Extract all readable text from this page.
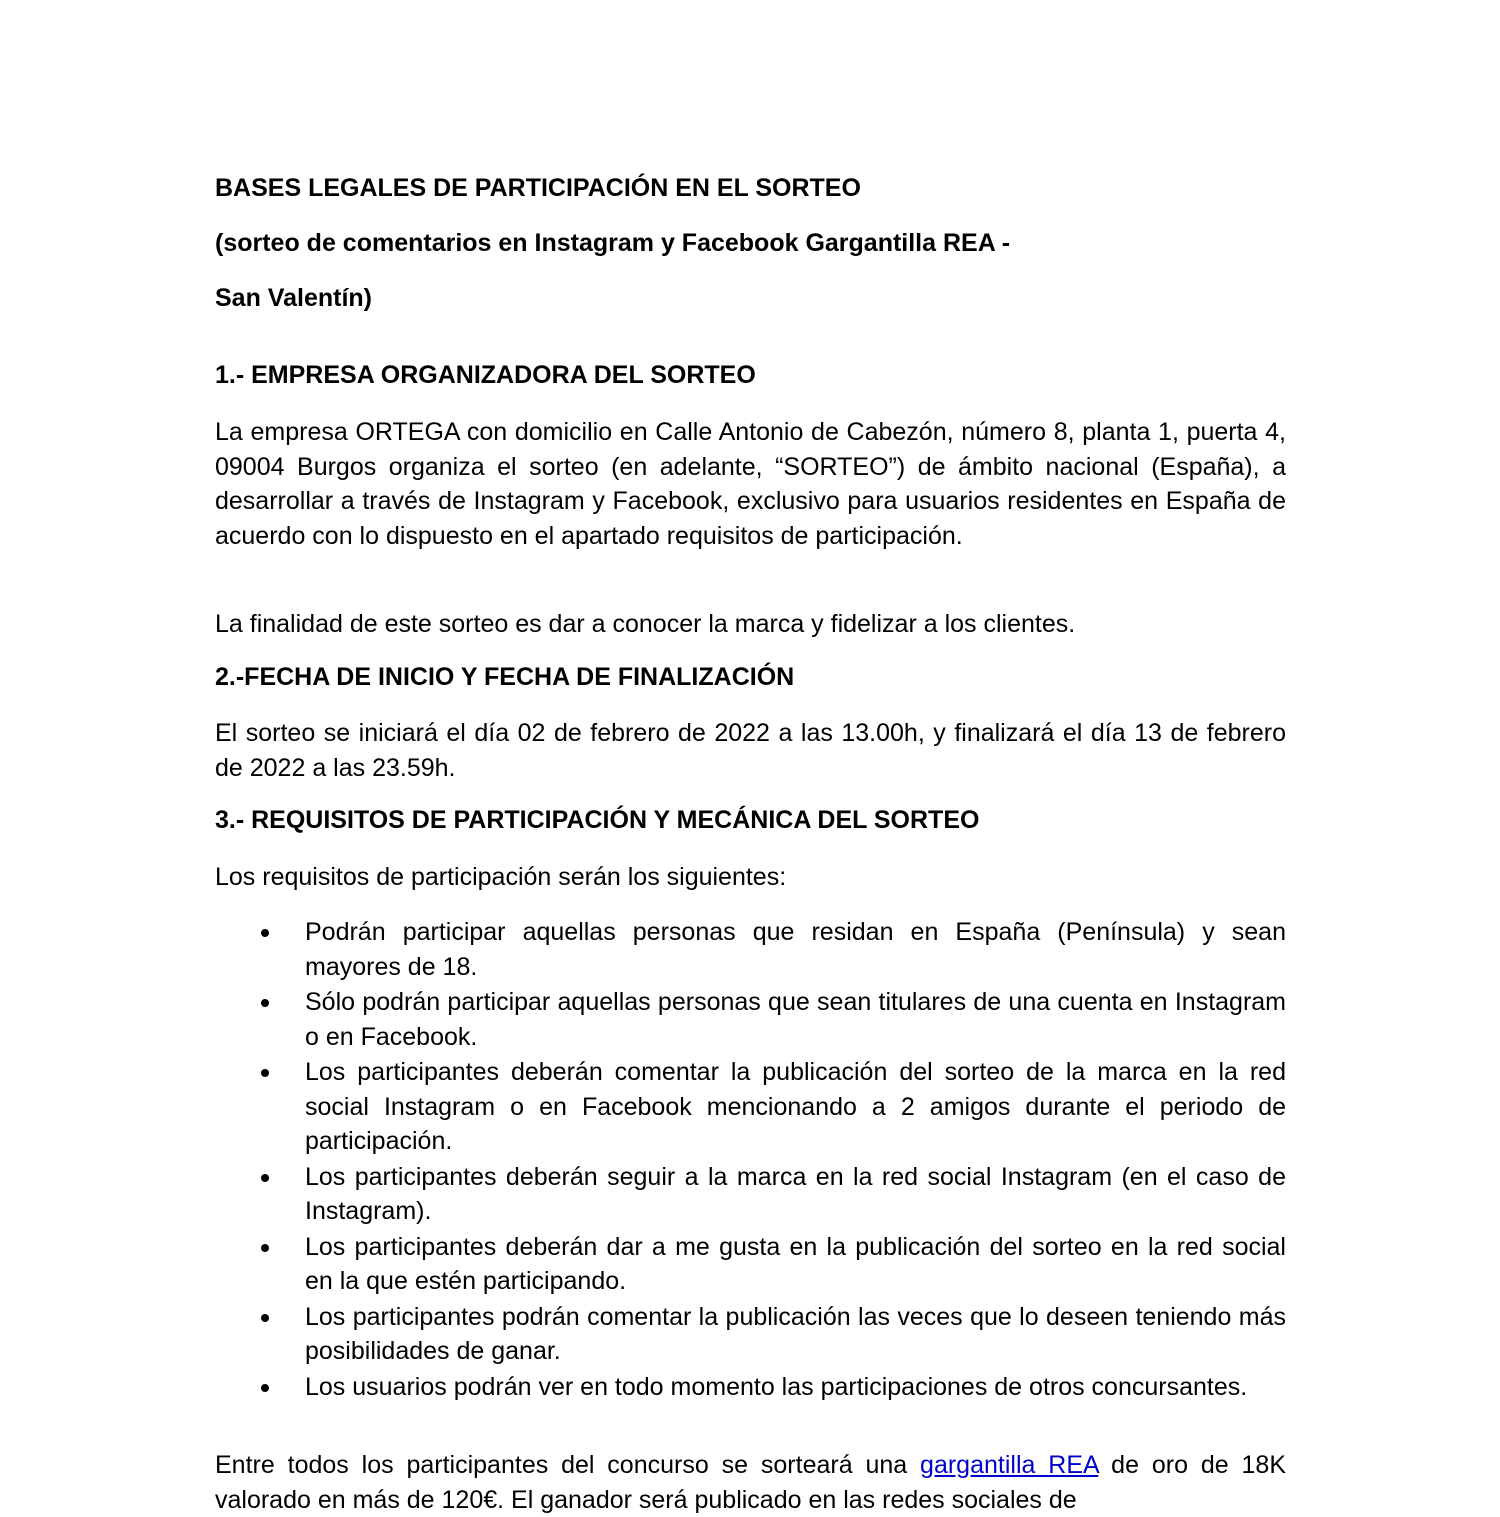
BASES LEGALES DE PARTICIPACIÓN EN EL SORTEO
(sorteo de comentarios en Instagram y Facebook Gargantilla REA -
San Valentín)
1.- EMPRESA ORGANIZADORA DEL SORTEO
La empresa ORTEGA con domicilio en Calle Antonio de Cabezón, número 8, planta 1, puerta 4, 09004 Burgos organiza el sorteo (en adelante, “SORTEO”) de ámbito nacional (España), a desarrollar a través de Instagram y Facebook, exclusivo para usuarios residentes en España de acuerdo con lo dispuesto en el apartado requisitos de participación.
La finalidad de este sorteo es dar a conocer la marca y fidelizar a los clientes.
2.-FECHA DE INICIO Y FECHA DE FINALIZACIÓN
El sorteo se iniciará el día 02 de febrero de 2022 a las 13.00h, y finalizará el día 13 de febrero de 2022 a las 23.59h.
3.- REQUISITOS DE PARTICIPACIÓN Y MECÁNICA DEL SORTEO
Los requisitos de participación serán los siguientes:
Podrán participar aquellas personas que residan en España (Península) y sean mayores de 18.
Sólo podrán participar aquellas personas que sean titulares de una cuenta en Instagram o en Facebook.
Los participantes deberán comentar la publicación del sorteo de la marca en la red social Instagram o en Facebook mencionando a 2 amigos durante el periodo de participación.
Los participantes deberán seguir a la marca en la red social Instagram (en el caso de Instagram).
Los participantes deberán dar a me gusta en la publicación del sorteo en la red social en la que estén participando.
Los participantes podrán comentar la publicación las veces que lo deseen teniendo más posibilidades de ganar.
Los usuarios podrán ver en todo momento las participaciones de otros concursantes.
Entre todos los participantes del concurso se sorteará una gargantilla REA de oro de 18K valorado en más de 120€. El ganador será publicado en las redes sociales de
